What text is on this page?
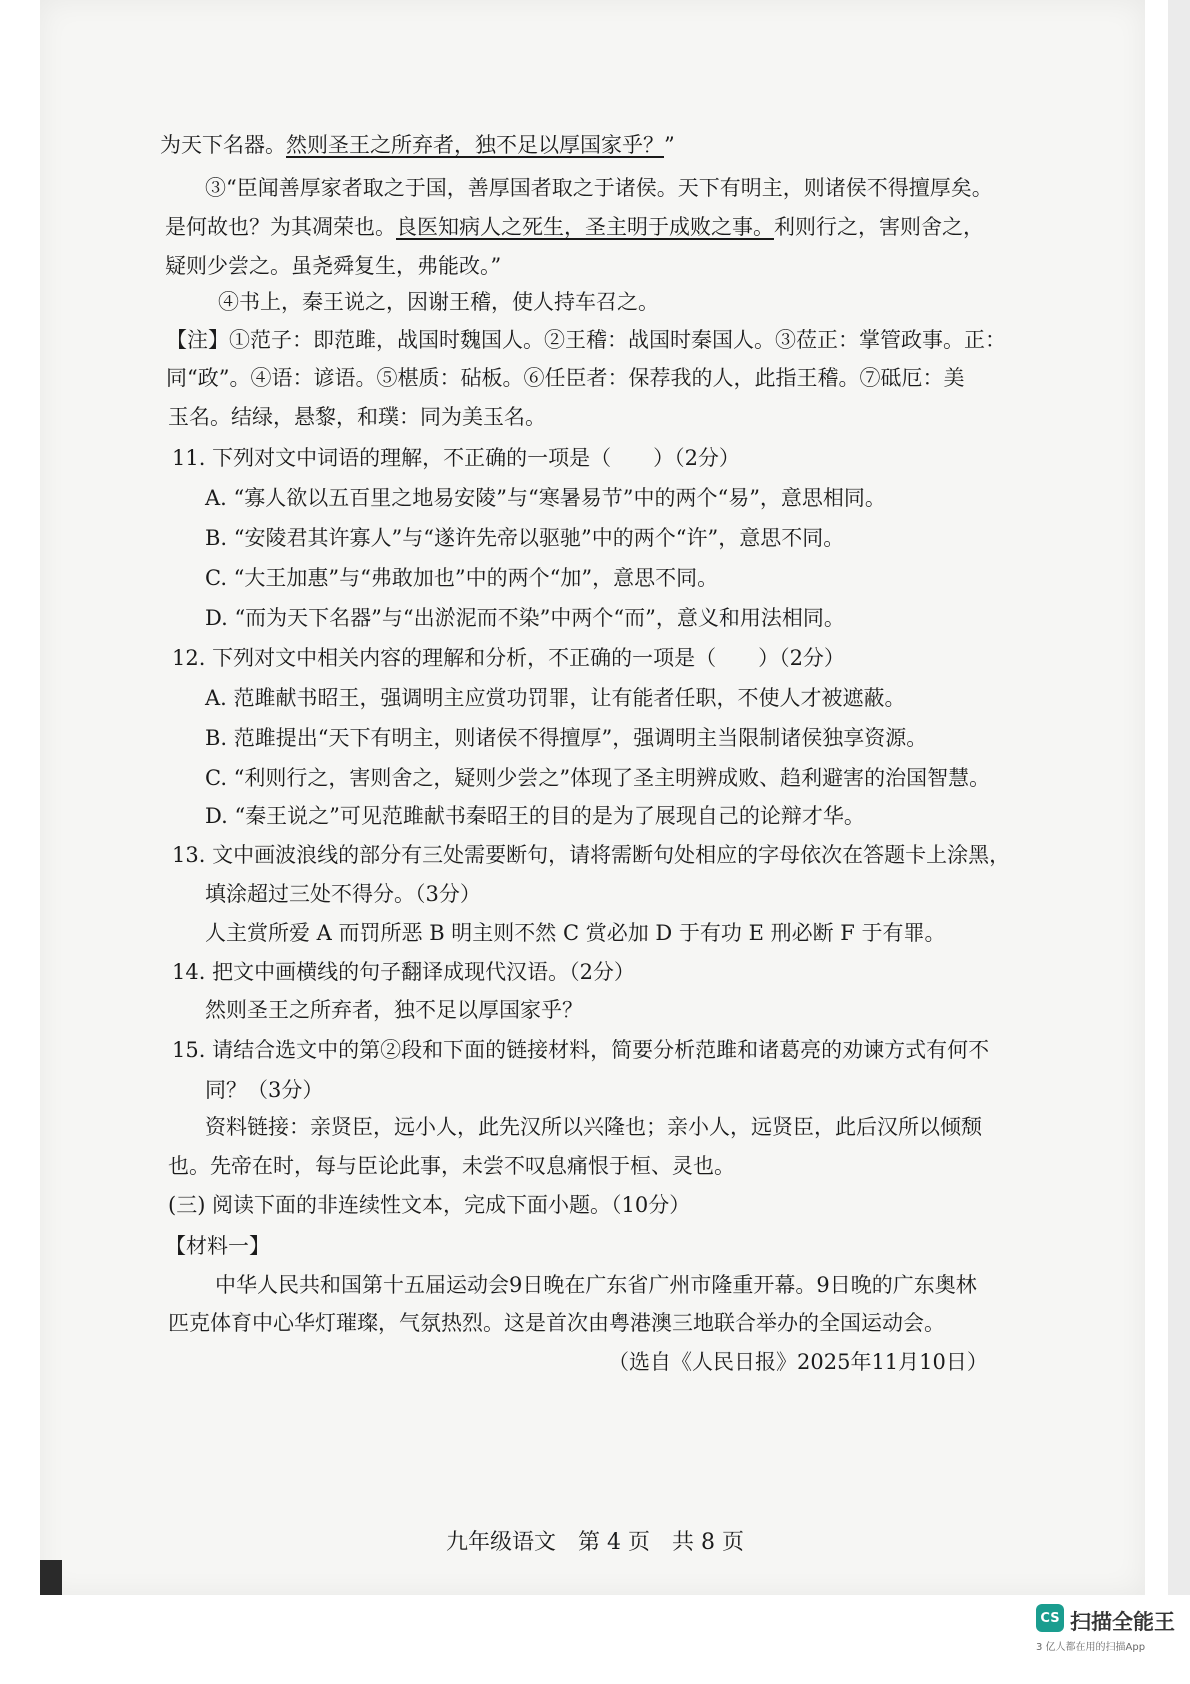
为天下名器。然则圣王之所弃者，独不足以厚国家乎？”
③“臣闻善厚家者取之于国，善厚国者取之于诸侯。天下有明主，则诸侯不得擅厚矣。
是何故也？为其凋荣也。良医知病人之死生，圣主明于成败之事。利则行之，害则舍之，
疑则少尝之。虽尧舜复生，弗能改。”
④书上，秦王说之，因谢王稽，使人持车召之。
【注】①范子：即范雎，战国时魏国人。②王稽：战国时秦国人。③莅正：掌管政事。正：
同“政”。④语：谚语。⑤椹质：砧板。⑥任臣者：保荐我的人，此指王稽。⑦砥厄：美
玉名。结绿，悬黎，和璞：同为美玉名。
11. 下列对文中词语的理解，不正确的一项是（　　）（2分）
A. “寡人欲以五百里之地易安陵”与“寒暑易节”中的两个“易”，意思相同。
B. “安陵君其许寡人”与“遂许先帝以驱驰”中的两个“许”，意思不同。
C. “大王加惠”与“弗敢加也”中的两个“加”，意思不同。
D. “而为天下名器”与“出淤泥而不染”中两个“而”，意义和用法相同。
12. 下列对文中相关内容的理解和分析，不正确的一项是（　　）（2分）
A. 范雎献书昭王，强调明主应赏功罚罪，让有能者任职，不使人才被遮蔽。
B. 范雎提出“天下有明主，则诸侯不得擅厚”，强调明主当限制诸侯独享资源。
C. “利则行之，害则舍之，疑则少尝之”体现了圣主明辨成败、趋利避害的治国智慧。
D. “秦王说之”可见范雎献书秦昭王的目的是为了展现自己的论辩才华。
13. 文中画波浪线的部分有三处需要断句，请将需断句处相应的字母依次在答题卡上涂黑，
填涂超过三处不得分。（3分）
人主赏所爱 A 而罚所恶 B 明主则不然 C 赏必加 D 于有功 E 刑必断 F 于有罪。
14. 把文中画横线的句子翻译成现代汉语。（2分）
然则圣王之所弃者，独不足以厚国家乎？
15. 请结合选文中的第②段和下面的链接材料，简要分析范雎和诸葛亮的劝谏方式有何不
同？（3分）
资料链接：亲贤臣，远小人，此先汉所以兴隆也；亲小人，远贤臣，此后汉所以倾颓
也。先帝在时，每与臣论此事，未尝不叹息痛恨于桓、灵也。
(三) 阅读下面的非连续性文本，完成下面小题。（10分）
【材料一】
中华人民共和国第十五届运动会9日晚在广东省广州市隆重开幕。9日晚的广东奥林
匹克体育中心华灯璀璨，气氛热烈。这是首次由粤港澳三地联合举办的全国运动会。
（选自《人民日报》2025年11月10日）
九年级语文　第 4 页　共 8 页
CS 扫描全能王
3 亿人都在用的扫描App
